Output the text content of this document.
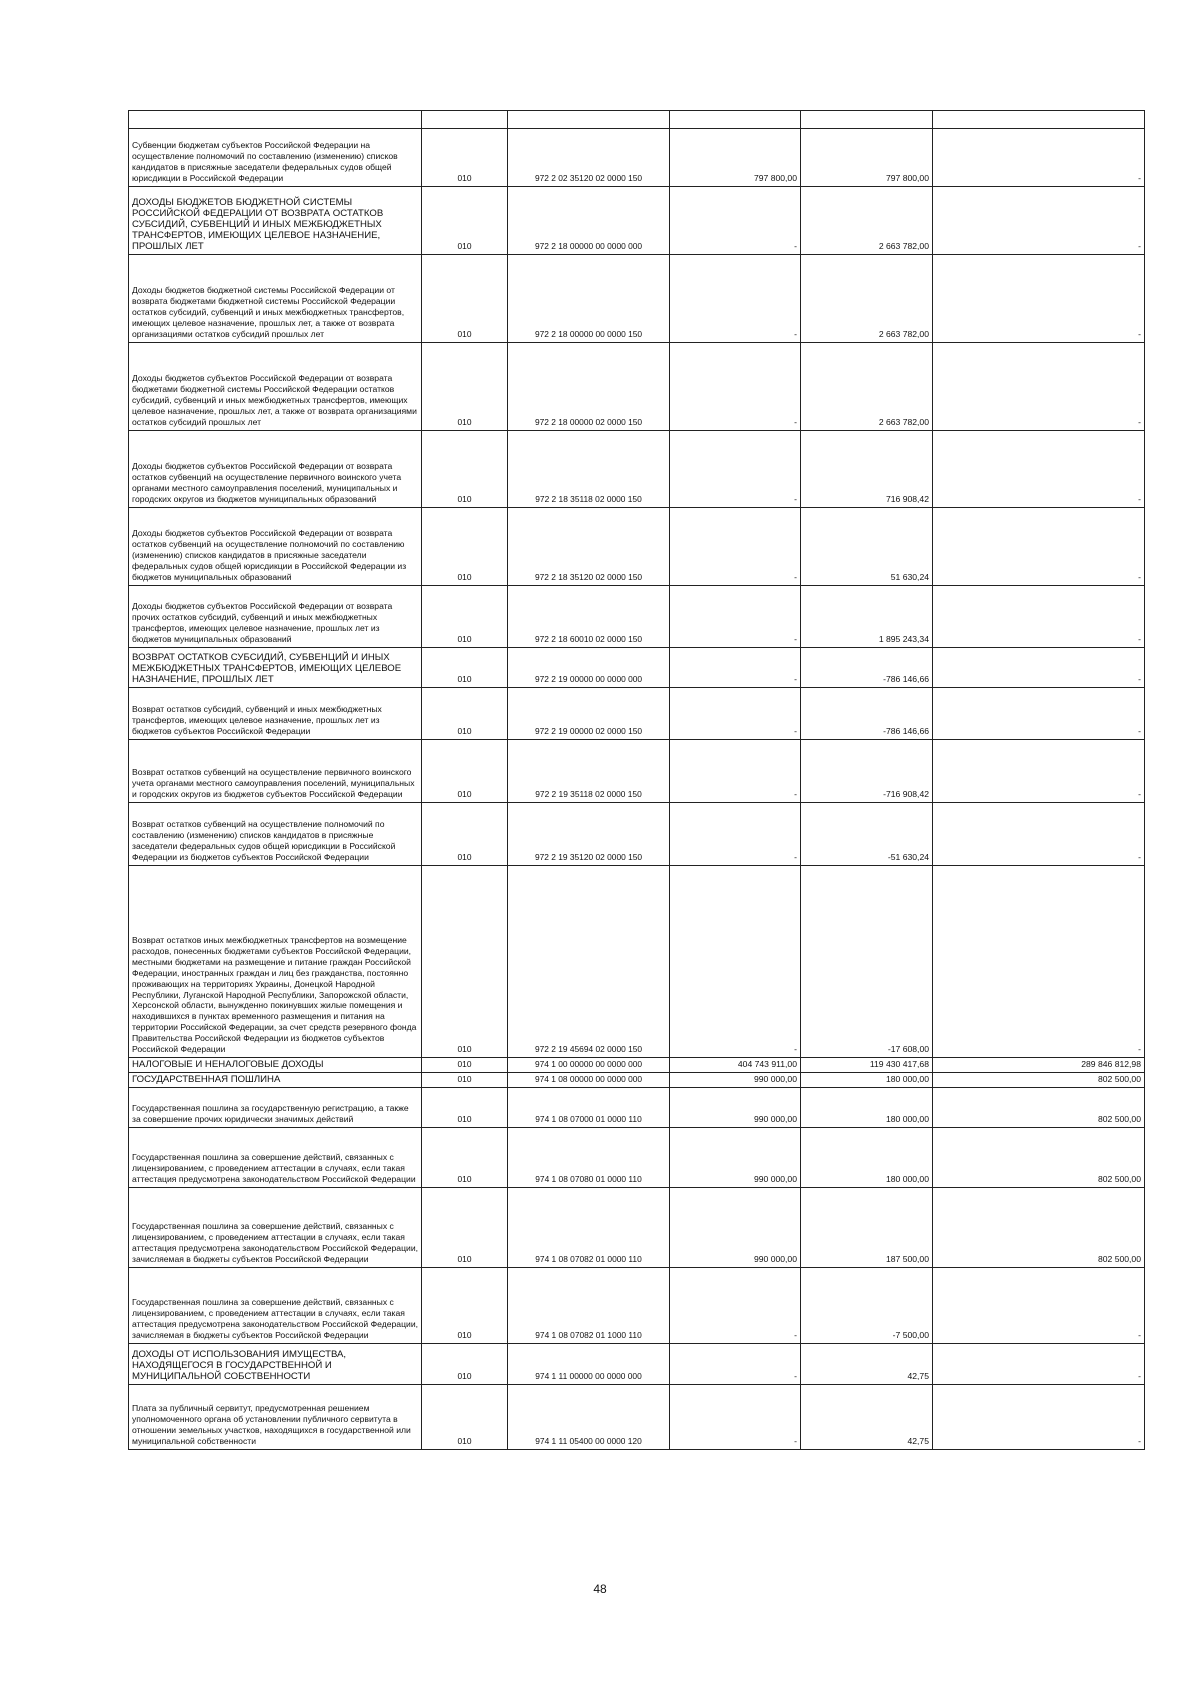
Субвенции бюджетам субъектов Российской Федерации на осуществление полномочий по составлению (изменению) списков кандидатов в присяжные заседатели федеральных судов общей юрисдикции в Российской Федерации	010	972 2 02 35120 02 0000 150	797 800,00	797 800,00	-
ДОХОДЫ БЮДЖЕТОВ БЮДЖЕТНОЙ СИСТЕМЫ РОССИЙСКОЙ ФЕДЕРАЦИИ ОТ ВОЗВРАТА ОСТАТКОВ СУБСИДИЙ, СУБВЕНЦИЙ И ИНЫХ МЕЖБЮДЖЕТНЫХ ТРАНСФЕРТОВ, ИМЕЮЩИХ ЦЕЛЕВОЕ НАЗНАЧЕНИЕ, ПРОШЛЫХ ЛЕТ	010	972 2 18 00000 00 0000 000	-	2 663 782,00	-
Доходы бюджетов бюджетной системы Российской Федерации от возврата бюджетами бюджетной системы Российской Федерации остатков субсидий, субвенций и иных межбюджетных трансфертов, имеющих целевое назначение, прошлых лет, а также от возврата организациями остатков субсидий прошлых лет	010	972 2 18 00000 00 0000 150	-	2 663 782,00	-
Доходы бюджетов субъектов Российской Федерации от возврата бюджетами бюджетной системы Российской Федерации остатков субсидий, субвенций и иных межбюджетных трансфертов, имеющих целевое назначение, прошлых лет, а также от возврата организациями остатков субсидий прошлых лет	010	972 2 18 00000 02 0000 150	-	2 663 782,00	-
Доходы бюджетов субъектов Российской Федерации от возврата остатков субвенций на осуществление первичного воинского учета органами местного самоуправления поселений, муниципальных и городских округов из бюджетов муниципальных образований	010	972 2 18 35118 02 0000 150	-	716 908,42	-
Доходы бюджетов субъектов Российской Федерации от возврата остатков субвенций на осуществление полномочий по составлению (изменению) списков кандидатов в присяжные заседатели федеральных судов общей юрисдикции в Российской Федерации из бюджетов муниципальных образований	010	972 2 18 35120 02 0000 150	-	51 630,24	-
Доходы бюджетов субъектов Российской Федерации от возврата прочих остатков субсидий, субвенций и иных межбюджетных трансфертов, имеющих целевое назначение, прошлых лет из бюджетов муниципальных образований	010	972 2 18 60010 02 0000 150	-	1 895 243,34	-
ВОЗВРАТ ОСТАТКОВ СУБСИДИЙ, СУБВЕНЦИЙ И ИНЫХ МЕЖБЮДЖЕТНЫХ ТРАНСФЕРТОВ, ИМЕЮЩИХ ЦЕЛЕВОЕ НАЗНАЧЕНИЕ, ПРОШЛЫХ ЛЕТ	010	972 2 19 00000 00 0000 000	-	-786 146,66	-
Возврат остатков субсидий, субвенций и иных межбюджетных трансфертов, имеющих целевое назначение, прошлых лет из бюджетов субъектов Российской Федерации	010	972 2 19 00000 02 0000 150	-	-786 146,66	-
Возврат остатков субвенций на осуществление первичного воинского учета органами местного самоуправления поселений, муниципальных и городских округов из бюджетов субъектов Российской Федерации	010	972 2 19 35118 02 0000 150	-	-716 908,42	-
Возврат остатков субвенций на осуществление полномочий по составлению (изменению) списков кандидатов в присяжные заседатели федеральных судов общей юрисдикции в Российской Федерации из бюджетов субъектов Российской Федерации	010	972 2 19 35120 02 0000 150	-	-51 630,24	-
Возврат остатков иных межбюджетных трансфертов на возмещение расходов, понесенных бюджетами субъектов Российской Федерации, местными бюджетами на размещение и питание граждан Российской Федерации, иностранных граждан и лиц без гражданства, постоянно проживающих на территориях Украины, Донецкой Народной Республики, Луганской Народной Республики, Запорожской области, Херсонской области, вынужденно покинувших жилые помещения и находившихся в пунктах временного размещения и питания на территории Российской Федерации, за счет средств резервного фонда Правительства Российской Федерации из бюджетов субъектов Российской Федерации	010	972 2 19 45694 02 0000 150	-	-17 608,00	-
НАЛОГОВЫЕ И НЕНАЛОГОВЫЕ ДОХОДЫ	010	974 1 00 00000 00 0000 000	404 743 911,00	119 430 417,68	289 846 812,98
ГОСУДАРСТВЕННАЯ ПОШЛИНА	010	974 1 08 00000 00 0000 000	990 000,00	180 000,00	802 500,00
Государственная пошлина за государственную регистрацию, а также за совершение прочих юридически значимых действий	010	974 1 08 07000 01 0000 110	990 000,00	180 000,00	802 500,00
Государственная пошлина за совершение действий, связанных с лицензированием, с проведением аттестации в случаях, если такая аттестация предусмотрена законодательством Российской Федерации	010	974 1 08 07080 01 0000 110	990 000,00	180 000,00	802 500,00
Государственная пошлина за совершение действий, связанных с лицензированием, с проведением аттестации в случаях, если такая аттестация предусмотрена законодательством Российской Федерации, зачисляемая в бюджеты субъектов Российской Федерации	010	974 1 08 07082 01 0000 110	990 000,00	187 500,00	802 500,00
Государственная пошлина за совершение действий, связанных с лицензированием, с проведением аттестации в случаях, если такая аттестация предусмотрена законодательством Российской Федерации, зачисляемая в бюджеты субъектов Российской Федерации	010	974 1 08 07082 01 1000 110	-	-7 500,00	-
ДОХОДЫ ОТ ИСПОЛЬЗОВАНИЯ ИМУЩЕСТВА, НАХОДЯЩЕГОСЯ В ГОСУДАРСТВЕННОЙ И МУНИЦИПАЛЬНОЙ СОБСТВЕННОСТИ	010	974 1 11 00000 00 0000 000	-	42,75	-
Плата за публичный сервитут, предусмотренная решением уполномоченного органа об установлении публичного сервитута в отношении земельных участков, находящихся в государственной или муниципальной собственности	010	974 1 11 05400 00 0000 120	-	42,75	-
48
